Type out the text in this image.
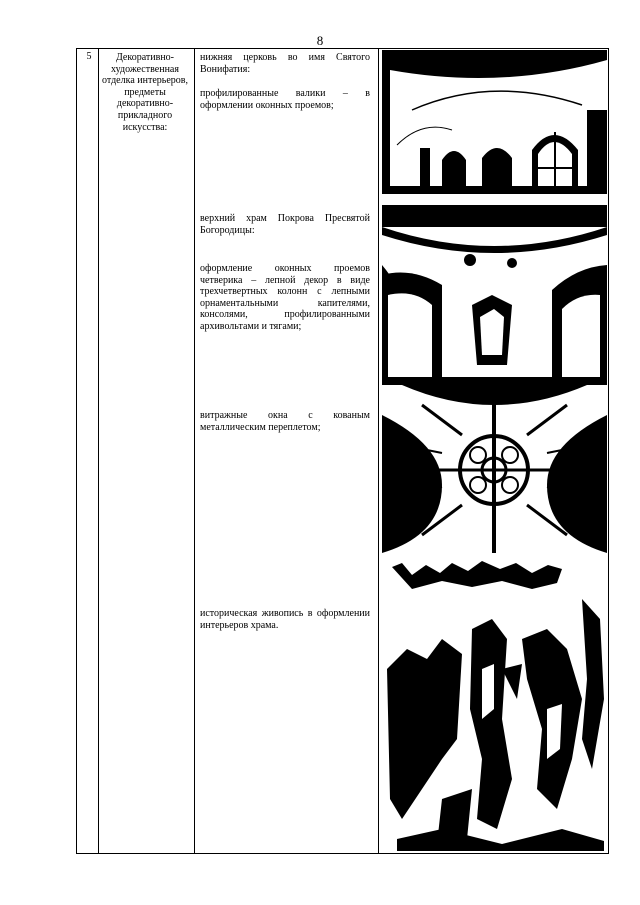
8
5	Декоративно-художественная отделка интерьеров, предметы декоративно-прикладного искусства:
нижняя церковь во имя Святого Вонифатия:
профилированные валики – в оформлении оконных проемов;
верхний храм Покрова Пресвятой Богородицы:
оформление оконных проемов четверика – лепной декор в виде трехчетвертных колонн с лепными орнаментальными капителями, консолями, профилированными архивольтами и тягами;
витражные окна с кованым металлическим переплетом;
историческая живопись в оформлении интерьеров храма.
